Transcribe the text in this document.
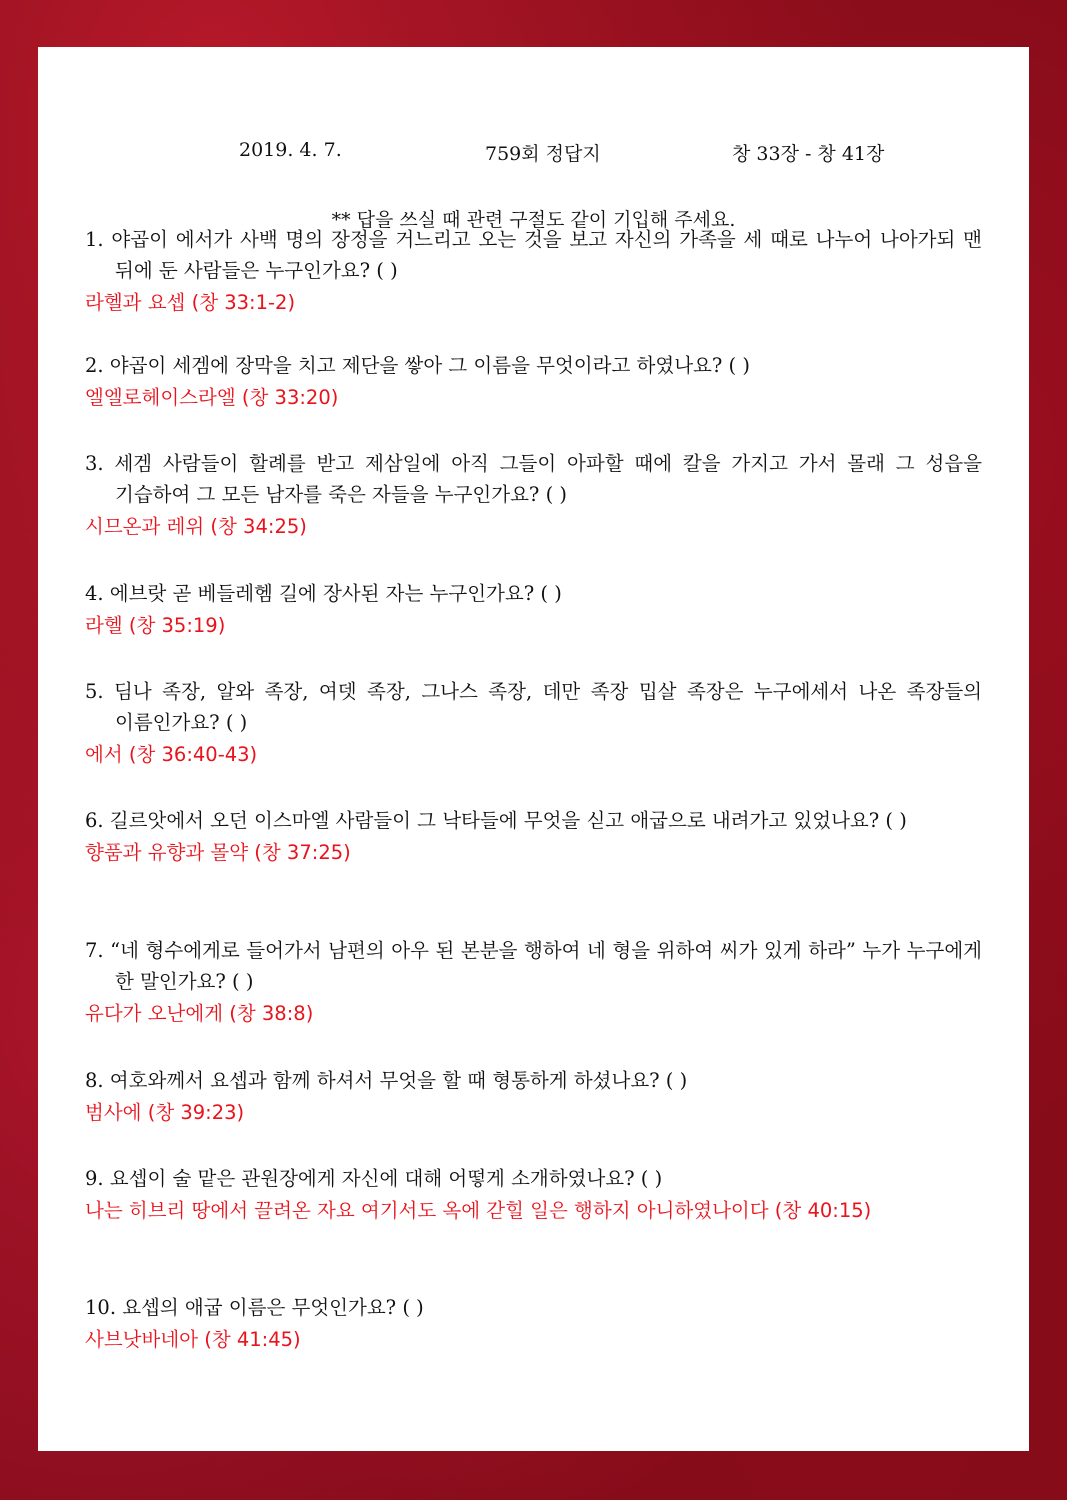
2019. 4. 7.	759회 정답지	창 33장 - 창 41장
** 답을 쓰실 때 관련 구절도 같이 기입해 주세요.
1. 야곱이 에서가 사백 명의 장정을 거느리고 오는 것을 보고 자신의 가족을 세 때로 나누어 나아가되 맨 뒤에 둔 사람들은 누구인가요? ( )
라헬과 요셉 (창 33:1-2)
2. 야곱이 세겜에 장막을 치고 제단을 쌓아 그 이름을 무엇이라고 하였나요? ( )
엘엘로헤이스라엘 (창 33:20)
3. 세겜 사람들이 할례를 받고 제삼일에 아직 그들이 아파할 때에 칼을 가지고 가서 몰래 그 성읍을 기습하여 그 모든 남자를 죽은 자들을 누구인가요? ( )
시므온과 레위 (창 34:25)
4. 에브랏 곧 베들레헴 길에 장사된 자는 누구인가요? ( )
라헬 (창 35:19)
5. 딤나 족장, 알와 족장, 여뎃 족장, 그나스 족장, 데만 족장 밉살 족장은 누구에세서 나온 족장들의 이름인가요? ( )
에서 (창 36:40-43)
6. 길르앗에서 오던 이스마엘 사람들이 그 낙타들에 무엇을 싣고 애굽으로 내려가고 있었나요? ( )
향품과 유향과 몰약 (창 37:25)
7. “네 형수에게로 들어가서 남편의 아우 된 본분을 행하여 네 형을 위하여 씨가 있게 하라” 누가 누구에게 한 말인가요? ( )
유다가 오난에게 (창 38:8)
8. 여호와께서 요셉과 함께 하셔서 무엇을 할 때 형통하게 하셨나요? ( )
범사에 (창 39:23)
9. 요셉이 술 맡은 관원장에게 자신에 대해 어떻게 소개하였나요? ( )
나는 히브리 땅에서 끌려온 자요 여기서도 옥에 갇힐 일은 행하지 아니하였나이다 (창 40:15)
10. 요셉의 애굽 이름은 무엇인가요? ( )
사브낫바네아 (창 41:45)
